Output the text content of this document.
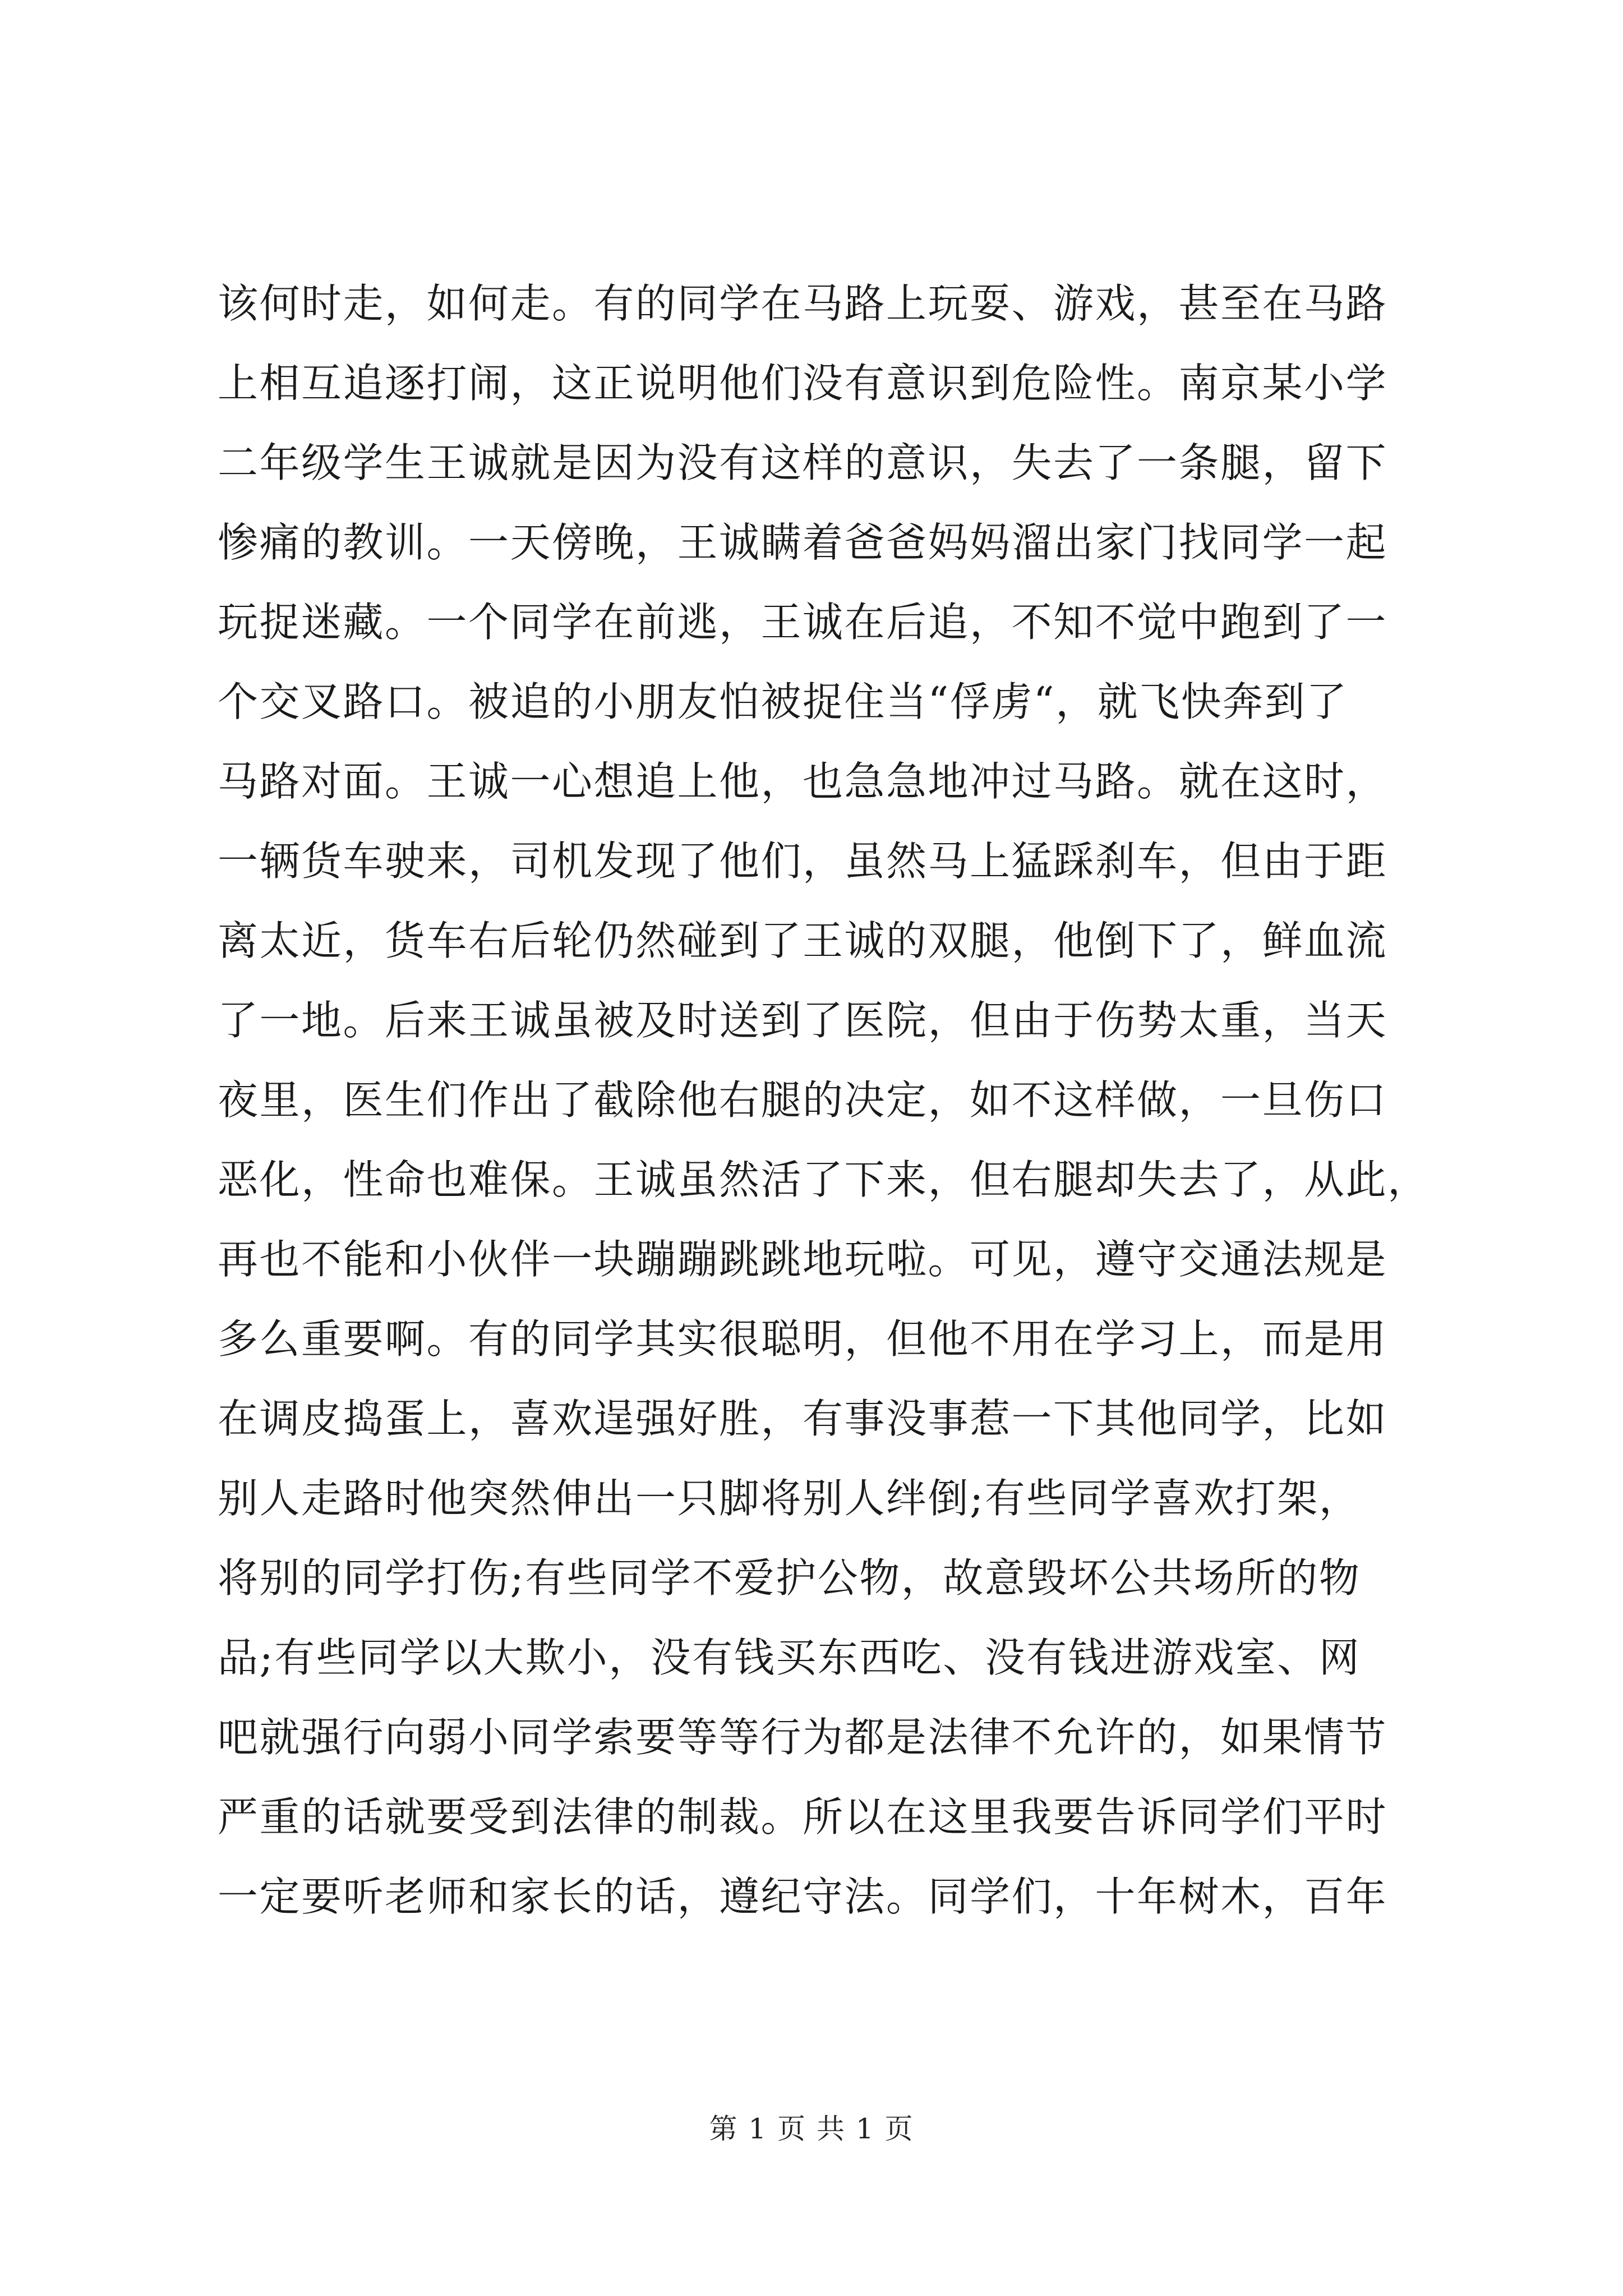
该何时走，如何走。有的同学在马路上玩耍、游戏，甚至在马路
上相互追逐打闹，这正说明他们没有意识到危险性。南京某小学
二年级学生王诚就是因为没有这样的意识，失去了一条腿，留下
惨痛的教训。一天傍晚，王诚瞒着爸爸妈妈溜出家门找同学一起
玩捉迷藏。一个同学在前逃，王诚在后追，不知不觉中跑到了一
个交叉路口。被追的小朋友怕被捉住当“俘虏“，就飞快奔到了
马路对面。王诚一心想追上他，也急急地冲过马路。就在这时，
一辆货车驶来，司机发现了他们，虽然马上猛踩刹车，但由于距
离太近，货车右后轮仍然碰到了王诚的双腿，他倒下了，鲜血流
了一地。后来王诚虽被及时送到了医院，但由于伤势太重，当天
夜里，医生们作出了截除他右腿的决定，如不这样做，一旦伤口
恶化，性命也难保。王诚虽然活了下来，但右腿却失去了，从此，
再也不能和小伙伴一块蹦蹦跳跳地玩啦。可见，遵守交通法规是
多么重要啊。有的同学其实很聪明，但他不用在学习上，而是用
在调皮捣蛋上，喜欢逞强好胜，有事没事惹一下其他同学，比如
别人走路时他突然伸出一只脚将别人绊倒;有些同学喜欢打架，
将别的同学打伤;有些同学不爱护公物，故意毁坏公共场所的物
品;有些同学以大欺小，没有钱买东西吃、没有钱进游戏室、网
吧就强行向弱小同学索要等等行为都是法律不允许的，如果情节
严重的话就要受到法律的制裁。所以在这里我要告诉同学们平时
一定要听老师和家长的话，遵纪守法。同学们，十年树木，百年
第 1 页 共 1 页
